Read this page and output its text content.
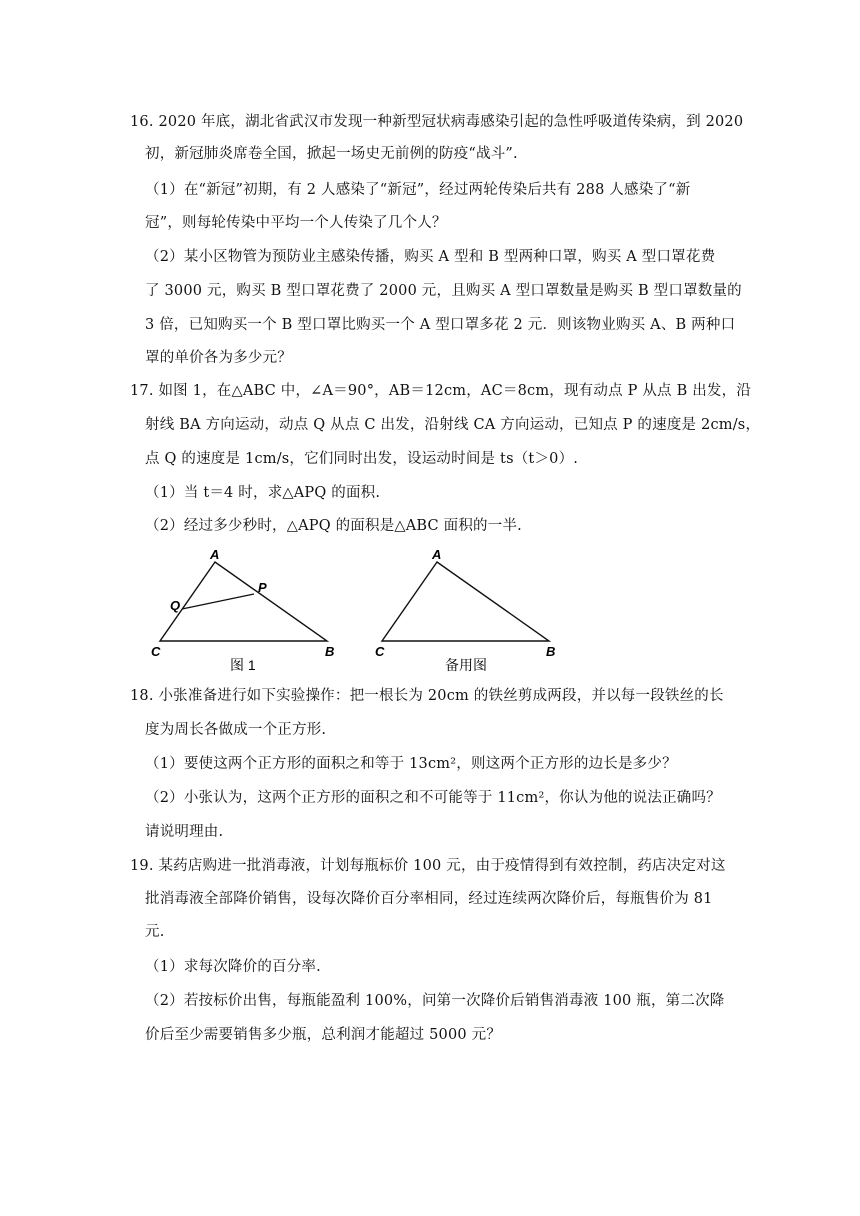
16. 2020 年底，湖北省武汉市发现一种新型冠状病毒感染引起的急性呼吸道传染病，到 2020
初，新冠肺炎席卷全国，掀起一场史无前例的防疫“战斗”.
（1）在“新冠”初期，有 2 人感染了“新冠”，经过两轮传染后共有 288 人感染了“新
冠”，则每轮传染中平均一个人传染了几个人？
（2）某小区物管为预防业主感染传播，购买 A 型和 B 型两种口罩，购买 A 型口罩花费
了 3000 元，购买 B 型口罩花费了 2000 元，且购买 A 型口罩数量是购买 B 型口罩数量的
3 倍，已知购买一个 B 型口罩比购买一个 A 型口罩多花 2 元．则该物业购买 A、B 两种口
罩的单价各为多少元？
17. 如图 1，在△ABC 中，∠A＝90°，AB＝12cm，AC＝8cm，现有动点 P 从点 B 出发，沿
射线 BA 方向运动，动点 Q 从点 C 出发，沿射线 CA 方向运动，已知点 P 的速度是 2cm/s，
点 Q 的速度是 1cm/s，它们同时出发，设运动时间是 ts（t＞0）.
（1）当 t＝4 时，求△APQ 的面积.
（2）经过多少秒时，△APQ 的面积是△ABC 面积的一半.
A
P
Q
C	B
图 1
A
C	B
备用图
18. 小张准备进行如下实验操作：把一根长为 20cm 的铁丝剪成两段，并以每一段铁丝的长
度为周长各做成一个正方形.
（1）要使这两个正方形的面积之和等于 13cm²，则这两个正方形的边长是多少？
（2）小张认为，这两个正方形的面积之和不可能等于 11cm²，你认为他的说法正确吗？
请说明理由.
19. 某药店购进一批消毒液，计划每瓶标价 100 元，由于疫情得到有效控制，药店决定对这
批消毒液全部降价销售，设每次降价百分率相同，经过连续两次降价后，每瓶售价为 81
元.
（1）求每次降价的百分率.
（2）若按标价出售，每瓶能盈利 100%，问第一次降价后销售消毒液 100 瓶，第二次降
价后至少需要销售多少瓶，总利润才能超过 5000 元？
